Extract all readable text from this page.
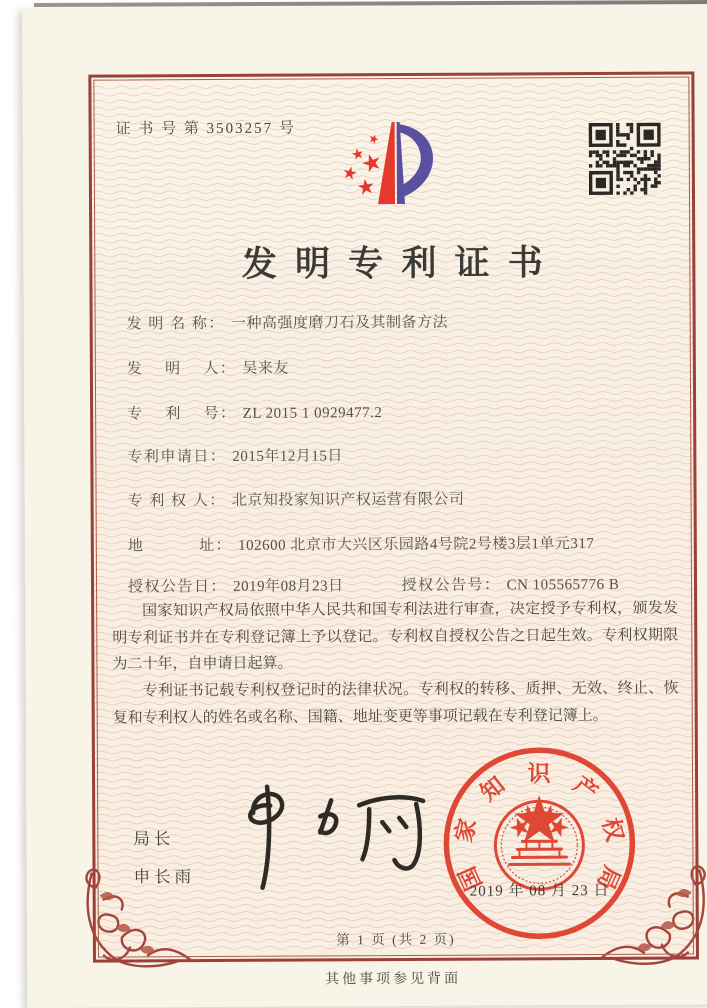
证 书 号 第 3503257 号
发明专利证书
发 明 名 称： 一种高强度磨刀石及其制备方法
发　 明　 人： 吴来友
专　 利　 号： ZL 2015 1 0929477.2
专利申请日： 2015年12月15日
专 利 权 人： 北京知投家知识产权运营有限公司
地　　　 址： 102600 北京市大兴区乐园路4号院2号楼3层1单元317
授权公告日： 2019年08月23日	授权公告号： CN 105565776 B

国家知识产权局依照中华人民共和国专利法进行审查，决定授予专利权，颁发发明专利证书并在专利登记簿上予以登记。专利权自授权公告之日起生效。专利权期限为二十年，自申请日起算。

专利证书记载专利权登记时的法律状况。专利权的转移、质押、无效、终止、恢复和专利权人的姓名或名称、国籍、地址变更等事项记载在专利登记簿上。

局长
申长雨	国
家
知 识 产
权
局
2019 年 08 月 23 日
第 1 页 (共 2 页)
其他事项参见背面
